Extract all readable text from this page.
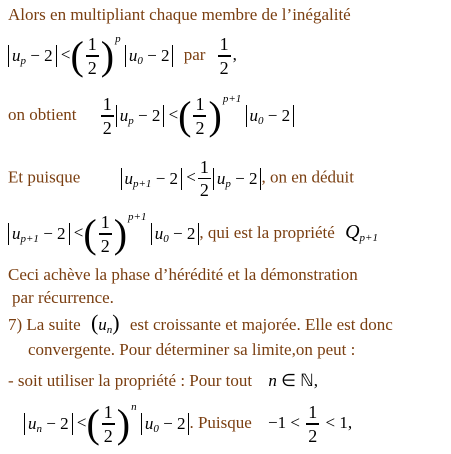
Alors en multipliant chaque membre de l’inégalité
$u_p - 2$ <( $\frac{1}{2} )^p$ $u_0 - 2$ par $\frac{1}{2}$ ,
on obtient $\frac{1}{2} u_p - 2$ <( $\frac{1}{2} )^{p+1}$ $u_0 - 2$
Et puisque	$u_{p+1} - 2 < \frac{1}{2} u_p - 2$ , on en déduit
$u_{p+1} - 2$ <( $\frac{1}{2} )^{p+1}$ $u_0 - 2$ , qui est la propriété $Q_{p+1}$
Ceci achève la phase d’hérédité et la démonstration
par récurrence.
7) La suite $(u_n)$ est croissante et majorée. Elle est donc
convergente. Pour déterminer sa limite,on peut :
- soit utiliser la propriété : Pour tout n ∈ ℕ,
$u_n - 2$ <( $\frac{1}{2} )^n$ $u_0 - 2$ . Puisque $-1 < \frac{1}{2} < 1$,
